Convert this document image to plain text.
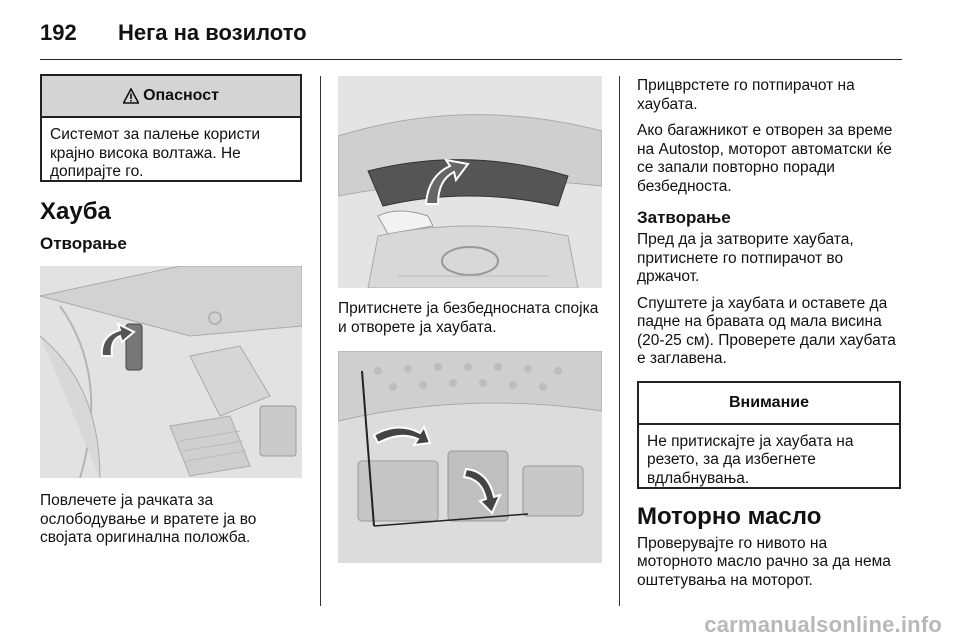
192 Нега на возилото
Опасност
Системот за палење користи крајно висока волтажа. Не допирајте го.
Хауба
Отворање

Повлечете ја рачката за ослободување и вратете ја во својата оригинална положба.

Притиснете ја безбедносната спојка и отворете ја хаубата.

Прицврстете го потпирачот на хаубата.

Ако багажникот е отворен за време на Autostop, моторот автоматски ќе се запали повторно поради безбедноста.

Затворање

Пред да ја затворите хаубата, притиснете го потпирачот во држачот.

Спуштете ја хаубата и оставете да падне на бравата од мала висина (20-25 см). Проверете дали хаубата е заглавена.

Внимание
Не притискајте ја хаубата на резето, за да избегнете вдлабнувања.
Моторно масло

Проверувајте го нивото на моторното масло рачно за да нема оштетувања на моторот.

carmanualsonline.info
